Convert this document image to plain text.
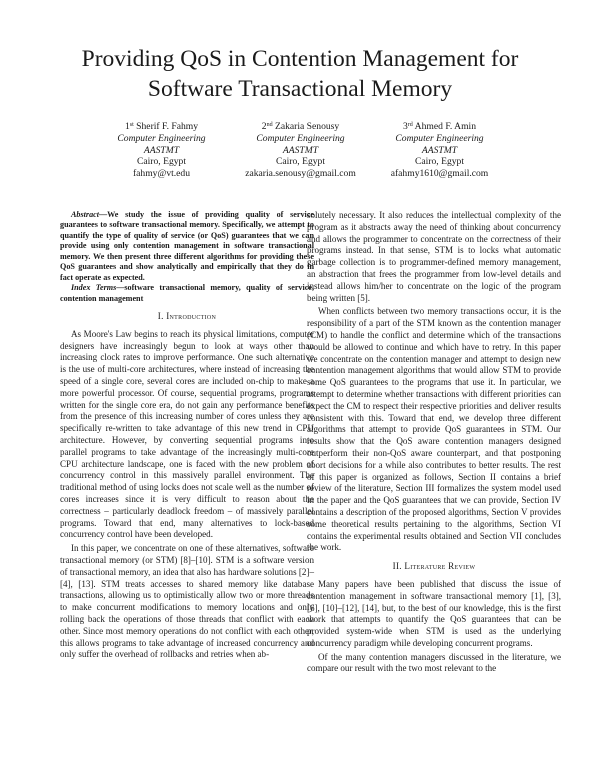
Providing QoS in Contention Management for
Software Transactional Memory
1st Sherif F. Fahmy
Computer Engineering
AASTMT
Cairo, Egypt
fahmy@vt.edu
2nd Zakaria Senousy
Computer Engineering
AASTMT
Cairo, Egypt
zakaria.senousy@gmail.com
3rd Ahmed F. Amin
Computer Engineering
AASTMT
Cairo, Egypt
afahmy1610@gmail.com

Abstract—We study the issue of providing quality of service guarantees to software transactional memory. Specifically, we attempt to quantify the type of quality of service (or QoS) guarantees that we can provide using only contention management in software transactional memory. We then present three different algorithms for providing these QoS guarantees and show analytically and empirically that they do in fact operate as expected.

Index Terms—software transactional memory, quality of service, contention management

I. Introduction

As Moore's Law begins to reach its physical limitations, computer designers have increasingly begun to look at ways other than increasing clock rates to improve performance. One such alternative is the use of multi-core architectures, where instead of increasing the speed of a single core, several cores are included on-chip to make a more powerful processor. Of course, sequential programs, programs written for the single core era, do not gain any performance benefits from the presence of this increasing number of cores unless they are specifically re-written to take advantage of this new trend in CPU architecture. However, by converting sequential programs into parallel programs to take advantage of the increasingly multi-core CPU architecture landscape, one is faced with the new problem of concurrency control in this massively parallel environment. The traditional method of using locks does not scale well as the number of cores increases since it is very difficult to reason about the correctness – particularly deadlock freedom – of massively parallel programs. Toward that end, many alternatives to lock-based concurrency control have been developed.

In this paper, we concentrate on one of these alternatives, software transactional memory (or STM) [8]–[10]. STM is a software version of transactional memory, an idea that also has hardware solutions [2]–[4], [13]. STM treats accesses to shared memory like database transactions, allowing us to optimistically allow two or more threads to make concurrent modifications to memory locations and only rolling back the operations of those threads that conflict with each other. Since most memory operations do not conflict with each other, this allows programs to take advantage of increased concurrency and only suffer the overhead of rollbacks and retries when ab-

solutely necessary. It also reduces the intellectual complexity of the program as it abstracts away the need of thinking about concurrency and allows the programmer to concentrate on the correctness of their programs instead. In that sense, STM is to locks what automatic garbage collection is to programmer-defined memory management, an abstraction that frees the programmer from low-level details and instead allows him/her to concentrate on the logic of the program being written [5].

When conflicts between two memory transactions occur, it is the responsibility of a part of the STM known as the contention manager (CM) to handle the conflict and determine which of the transactions would be allowed to continue and which have to retry. In this paper we concentrate on the contention manager and attempt to design new contention management algorithms that would allow STM to provide some QoS guarantees to the programs that use it. In particular, we attempt to determine whether transactions with different priorities can expect the CM to respect their respective priorities and deliver results consistent with this. Toward that end, we develop three different algorithms that attempt to provide QoS guarantees in STM. Our results show that the QoS aware contention managers designed outperform their non-QoS aware counterpart, and that postponing abort decisions for a while also contributes to better results. The rest of this paper is organized as follows, Section II contains a brief review of the literature, Section III formalizes the system model used in the paper and the QoS guarantees that we can provide, Section IV contains a description of the proposed algorithms, Section V provides some theoretical results pertaining to the algorithms, Section VI contains the experimental results obtained and Section VII concludes the work.

II. Literature Review

Many papers have been published that discuss the issue of contention management in software transactional memory [1], [3], [6], [10]–[12], [14], but, to the best of our knowledge, this is the first work that attempts to quantify the QoS guarantees that can be provided system-wide when STM is used as the underlying concurrency paradigm while developing concurrent programs.

Of the many contention managers discussed in the literature, we compare our result with the two most relevant to the
